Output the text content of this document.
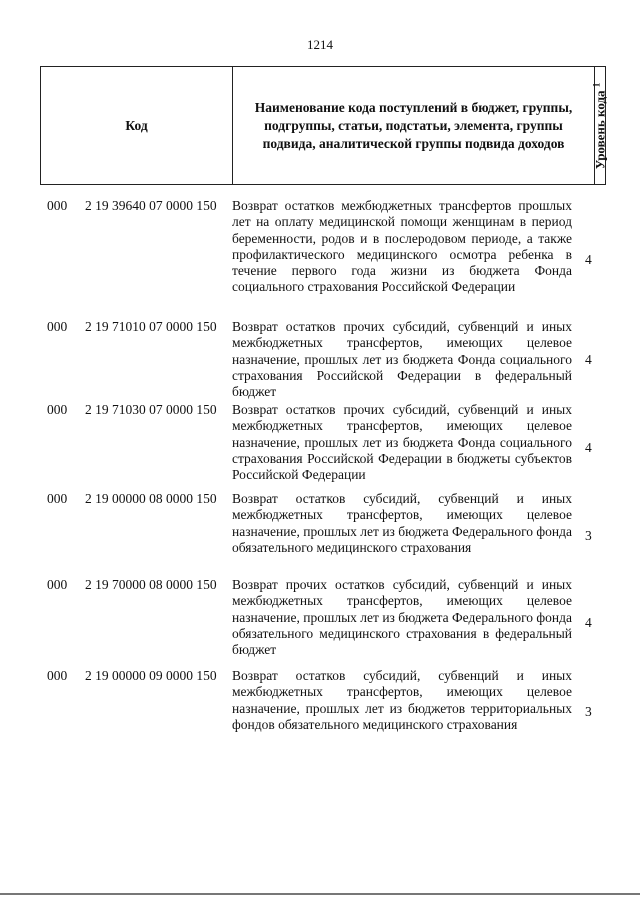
1214
Код
Наименование кода поступлений в бюджет, группы, подгруппы, статьи, подстатьи, элемента, группы подвида, аналитической группы подвида доходов	Уровень кода $^1$
000 2 19 39640 07 0000 150 Возврат остатков межбюджетных трансфертов прошлых лет на оплату медицинской помощи женщинам в период беременности, родов и в послеродовом периоде, а также профилактического медицинского осмотра ребенка в течение первого года жизни из бюджета Фонда социального страхования Российской Федерации
4
000 2 19 71010 07 0000 150 Возврат остатков прочих субсидий, субвенций и иных межбюджетных трансфертов, имеющих целевое назначение, прошлых лет из бюджета Фонда социального страхования Российской Федерации в федеральный бюджет
4
000 2 19 71030 07 0000 150 Возврат остатков прочих субсидий, субвенций и иных межбюджетных трансфертов, имеющих целевое назначение, прошлых лет из бюджета Фонда социального страхования Российской Федерации в бюджеты субъектов Российской Федерации
4
000 2 19 00000 08 0000 150 Возврат остатков субсидий, субвенций и иных межбюджетных трансфертов, имеющих целевое назначение, прошлых лет из бюджета Федерального фонда обязательного медицинского страхования
3
000 2 19 70000 08 0000 150 Возврат прочих остатков субсидий, субвенций и иных межбюджетных трансфертов, имеющих целевое назначение, прошлых лет из бюджета Федерального фонда обязательного медицинского страхования в федеральный бюджет
4
000 2 19 00000 09 0000 150 Возврат остатков субсидий, субвенций и иных межбюджетных трансфертов, имеющих целевое назначение, прошлых лет из бюджетов территориальных фондов обязательного медицинского страхования
3
